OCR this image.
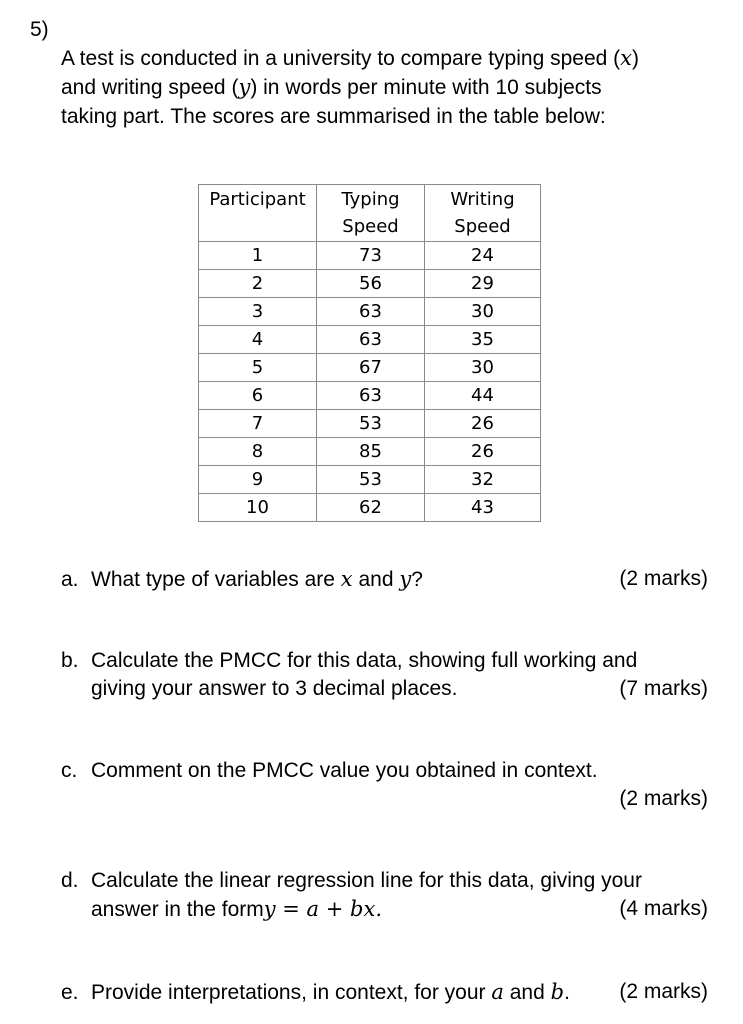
5)
A test is conducted in a university to compare typing speed (x)
and writing speed (y) in words per minute with 10 subjects
taking part. The scores are summarised in the table below:
Participant	Typing Speed	Writing Speed
1	73	24
2	56	29
3	63	30
4	63	35
5	67	30
6	63	44
7	53	26
8	85	26
9	53	32
10	62	43
a. What type of variables are x and y?	(2 marks)
b. Calculate the PMCC for this data, showing full working and
giving your answer to 3 decimal places.	(7 marks)
c. Comment on the PMCC value you obtained in context.
(2 marks)
d. Calculate the linear regression line for this data, giving your
answer in the formy = a + bx.	(4 marks)
e. Provide interpretations, in context, for your a and b. (2 marks)
